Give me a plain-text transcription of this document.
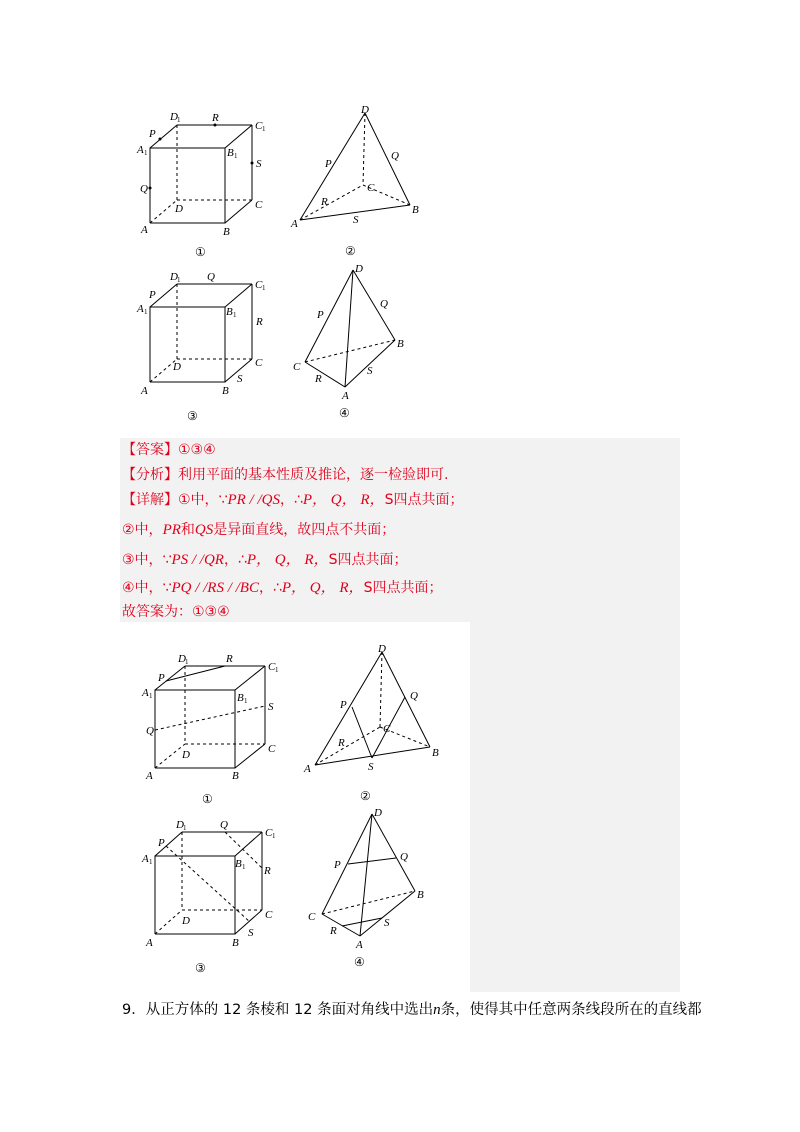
A	B
C
D
A 1	B 1
C 1
D 1
P
Q
R
S
①
D
A
B
C
P
Q
R
S
②
A	B
C
D
A 1	B 1
C 1
D 1
P
Q
R
S
③
D
C
B
A
P
Q
R
S
④
【答案】①③④
【分析】利用平面的基本性质及推论，逐一检验即可.
【详解】①中，∵PR / /QS，∴P， Q， R，S四点共面；
②中，PR和QS是异面直线，故四点不共面；
③中，∵PS / /QR，∴P， Q， R，S四点共面；
④中，∵PQ / /RS / /BC，∴P， Q， R，S四点共面；
故答案为：①③④
A	B
C
D
A 1	B 1
C 1
D 1
P
Q
R
S
①
D
A
B
C
P
Q
R
S
②
A	B
C
D
A 1	B 1
C 1
D 1
P
Q
R
S
③
D
C
B
A
P
Q
R
S
④
9．从正方体的 12 条棱和 12 条面对角线中选出n条，使得其中任意两条线段所在的直线都
